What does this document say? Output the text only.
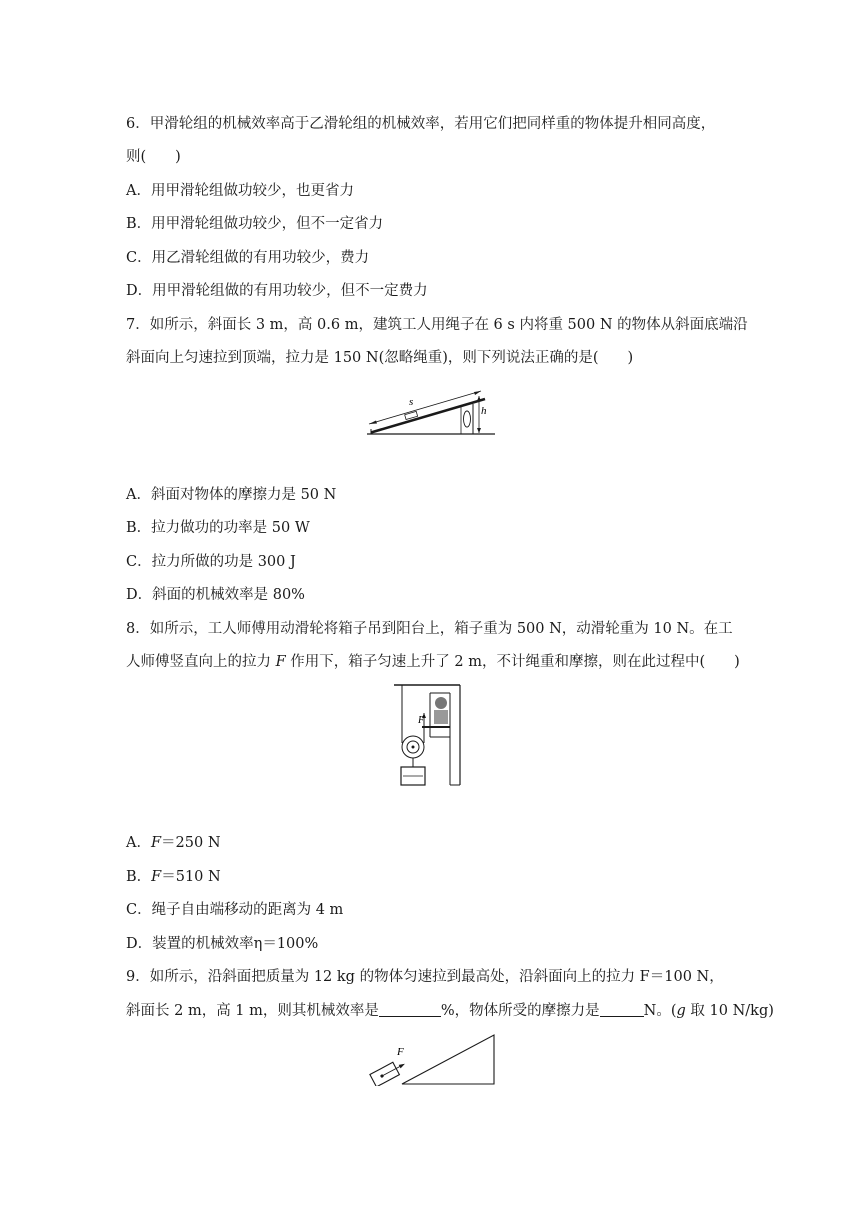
6．甲滑轮组的机械效率高于乙滑轮组的机械效率，若用它们把同样重的物体提升相同高度，
则(　　)
A．用甲滑轮组做功较少，也更省力
B．用甲滑轮组做功较少，但不一定省力
C．用乙滑轮组做的有用功较少，费力
D．用甲滑轮组做的有用功较少，但不一定费力
7．如所示，斜面长 3 m，高 0.6 m，建筑工人用绳子在 6 s 内将重 500 N 的物体从斜面底端沿
斜面向上匀速拉到顶端，拉力是 150 N(忽略绳重)，则下列说法正确的是(　　)
s
h
A．斜面对物体的摩擦力是 50 N
B．拉力做功的功率是 50 W
C．拉力所做的功是 300 J
D．斜面的机械效率是 80%
8．如所示，工人师傅用动滑轮将箱子吊到阳台上，箱子重为 500 N，动滑轮重为 10 N。在工
人师傅竖直向上的拉力 F 作用下，箱子匀速上升了 2 m，不计绳重和摩擦，则在此过程中(　　)
F
A．F＝250 N
B．F＝510 N
C．绳子自由端移动的距离为 4 m
D．装置的机械效率η＝100%
9．如所示，沿斜面把质量为 12 kg 的物体匀速拉到最高处，沿斜面向上的拉力 F＝100 N，
斜面长 2 m，高 1 m，则其机械效率是	%，物体所受的摩擦力是	N。(g 取 10 N/kg)
F
